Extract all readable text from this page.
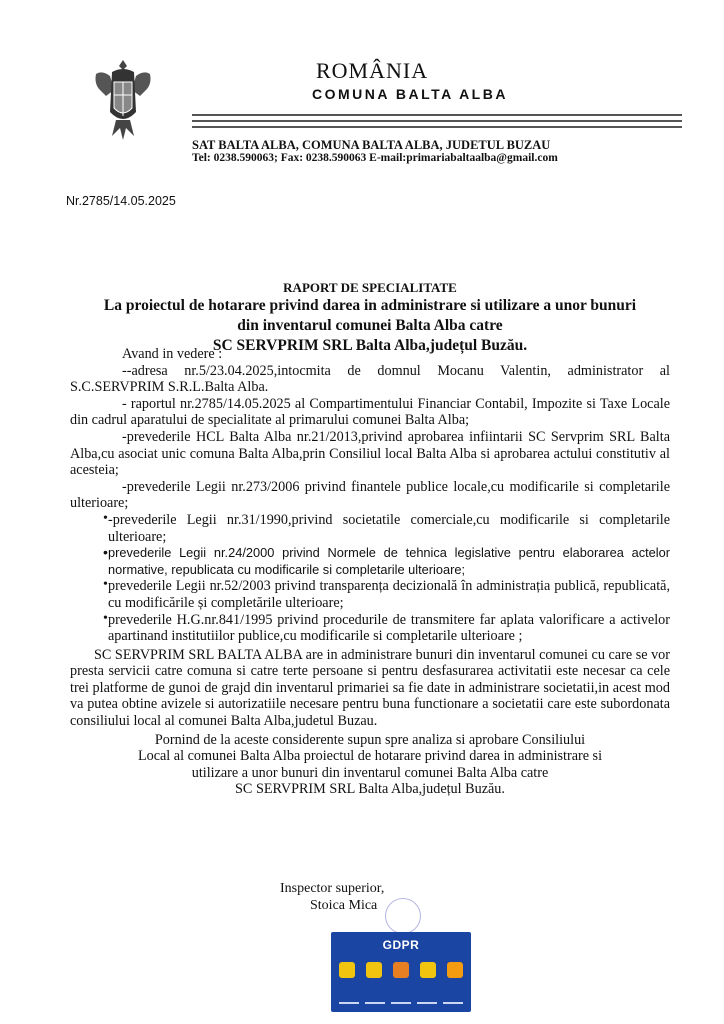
ROMÂNIA
COMUNA BALTA ALBA
SAT BALTA ALBA, COMUNA BALTA ALBA, JUDETUL BUZAU
Tel: 0238.590063; Fax: 0238.590063 E-mail:primariabaltaalba@gmail.com
Nr.2785/14.05.2025
RAPORT DE SPECIALITATE
La proiectul de hotarare privind darea in administrare si utilizare a unor bunuri
din inventarul comunei Balta Alba catre
SC SERVPRIM SRL Balta Alba,județul Buzău.

Avand in vedere :

--adresa nr.5/23.04.2025,intocmita de domnul Mocanu Valentin, administrator al S.C.SERVPRIM S.R.L.Balta Alba.

- raportul nr.2785/14.05.2025 al Compartimentului Financiar Contabil, Impozite si Taxe Locale din cadrul aparatului de specialitate al primarului comunei Balta Alba;

-prevederile HCL Balta Alba nr.21/2013,privind aprobarea infiintarii SC Servprim SRL Balta Alba,cu asociat unic comuna Balta Alba,prin Consiliul local Balta Alba si aprobarea actului constitutiv al acesteia;

-prevederile Legii nr.273/2006 privind finantele publice locale,cu modificarile si completarile ulterioare;

• -prevederile Legii nr.31/1990,privind societatile comerciale,cu modificarile si completarile ulterioare;

• prevederile Legii nr.24/2000 privind Normele de tehnica legislative pentru elaborarea actelor normative, republicata cu modificarile si completarile ulterioare;

• prevederile Legii nr.52/2003 privind transparența decizională în administrația publică, republicată, cu modificările și completările ulterioare;

• prevederile H.G.nr.841/1995 privind procedurile de transmitere far aplata valorificare a activelor apartinand institutiilor publice,cu modificarile si completarile ulterioare ;

SC SERVPRIM SRL BALTA ALBA are in administrare bunuri din inventarul comunei cu care se vor presta servicii catre comuna si catre terte persoane si pentru desfasurarea activitatii este necesar ca cele trei platforme de gunoi de grajd din inventarul primariei sa fie date in administrare societatii,in acest mod va putea obtine avizele si autorizatiile necesare pentru buna functionare a societatii care este subordonata consiliului local al comunei Balta Alba,judetul Buzau.

Pornind de la aceste considerente supun spre analiza si aprobare Consiliului

Local al comunei Balta Alba proiectul de hotarare privind darea in administrare si

utilizare a unor bunuri din inventarul comunei Balta Alba catre

SC SERVPRIM SRL Balta Alba,județul Buzău.

Inspector superior,
Stoica Mica
GDPR
